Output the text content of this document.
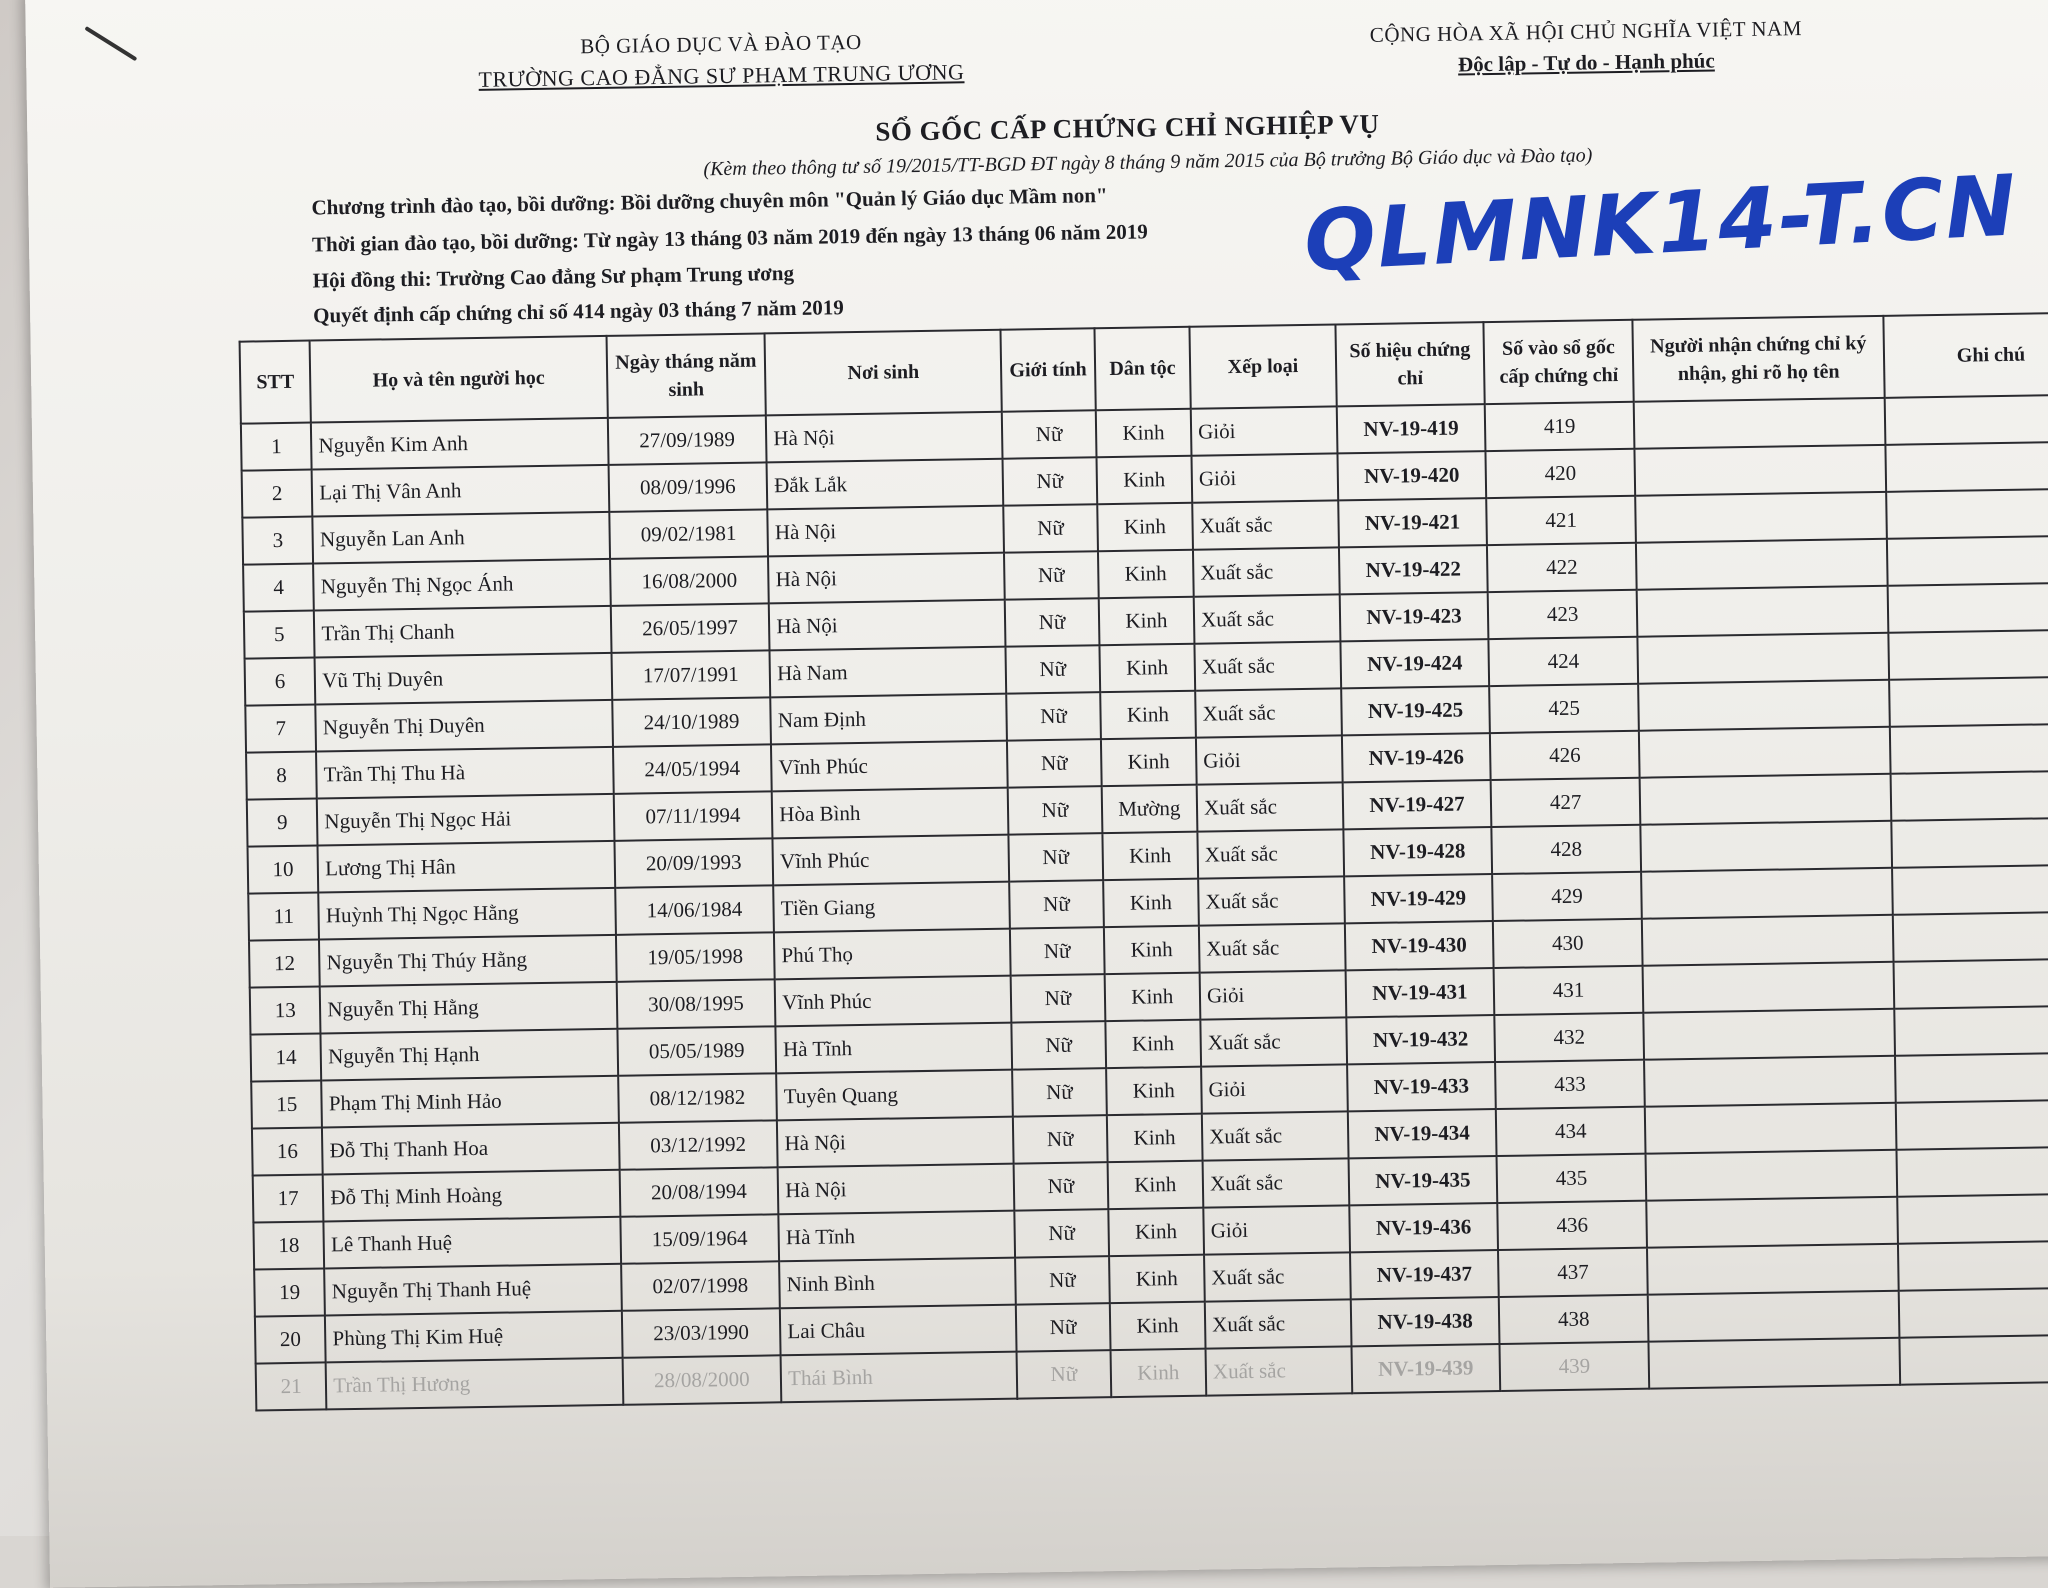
BỘ GIÁO DỤC VÀ ĐÀO TẠO
TRƯỜNG CAO ĐẲNG SƯ PHẠM TRUNG ƯƠNG
CỘNG HÒA XÃ HỘI CHỦ NGHĨA VIỆT NAM
Độc lập - Tự do - Hạnh phúc
SỔ GỐC CẤP CHỨNG CHỈ NGHIỆP VỤ
(Kèm theo thông tư số 19/2015/TT-BGD ĐT ngày 8 tháng 9 năm 2015 của Bộ trưởng Bộ Giáo dục và Đào tạo)
Chương trình đào tạo, bồi dưỡng: Bồi dưỡng chuyên môn "Quản lý Giáo dục Mầm non"
Thời gian đào tạo, bồi dưỡng: Từ ngày 13 tháng 03 năm 2019 đến ngày 13 tháng 06 năm 2019
Hội đồng thi: Trường Cao đẳng Sư phạm Trung ương
Quyết định cấp chứng chỉ số 414 ngày 03 tháng 7 năm 2019
QLMNK14-T.CN
STT	Họ và tên người học	Ngày tháng năm sinh	Nơi sinh	Giới tính	Dân tộc	Xếp loại	Số hiệu chứng chỉ	Số vào sổ gốc cấp chứng chỉ	Người nhận chứng chỉ ký nhận, ghi rõ họ tên	Ghi chú
1	Nguyễn Kim Anh	27/09/1989	Hà Nội	Nữ	Kinh	Giỏi	NV-19-419	419		
2	Lại Thị Vân Anh	08/09/1996	Đắk Lắk	Nữ	Kinh	Giỏi	NV-19-420	420		
3	Nguyễn Lan Anh	09/02/1981	Hà Nội	Nữ	Kinh	Xuất sắc	NV-19-421	421		
4	Nguyễn Thị Ngọc Ánh	16/08/2000	Hà Nội	Nữ	Kinh	Xuất sắc	NV-19-422	422		
5	Trần Thị Chanh	26/05/1997	Hà Nội	Nữ	Kinh	Xuất sắc	NV-19-423	423		
6	Vũ Thị Duyên	17/07/1991	Hà Nam	Nữ	Kinh	Xuất sắc	NV-19-424	424		
7	Nguyễn Thị Duyên	24/10/1989	Nam Định	Nữ	Kinh	Xuất sắc	NV-19-425	425		
8	Trần Thị Thu Hà	24/05/1994	Vĩnh Phúc	Nữ	Kinh	Giỏi	NV-19-426	426		
9	Nguyễn Thị Ngọc Hải	07/11/1994	Hòa Bình	Nữ	Mường	Xuất sắc	NV-19-427	427		
10	Lương Thị Hân	20/09/1993	Vĩnh Phúc	Nữ	Kinh	Xuất sắc	NV-19-428	428		
11	Huỳnh Thị Ngọc Hằng	14/06/1984	Tiền Giang	Nữ	Kinh	Xuất sắc	NV-19-429	429		
12	Nguyễn Thị Thúy Hằng	19/05/1998	Phú Thọ	Nữ	Kinh	Xuất sắc	NV-19-430	430		
13	Nguyễn Thị Hằng	30/08/1995	Vĩnh Phúc	Nữ	Kinh	Giỏi	NV-19-431	431		
14	Nguyễn Thị Hạnh	05/05/1989	Hà Tĩnh	Nữ	Kinh	Xuất sắc	NV-19-432	432		
15	Phạm Thị Minh Hảo	08/12/1982	Tuyên Quang	Nữ	Kinh	Giỏi	NV-19-433	433		
16	Đỗ Thị Thanh Hoa	03/12/1992	Hà Nội	Nữ	Kinh	Xuất sắc	NV-19-434	434		
17	Đỗ Thị Minh Hoàng	20/08/1994	Hà Nội	Nữ	Kinh	Xuất sắc	NV-19-435	435		
18	Lê Thanh Huệ	15/09/1964	Hà Tĩnh	Nữ	Kinh	Giỏi	NV-19-436	436		
19	Nguyễn Thị Thanh Huệ	02/07/1998	Ninh Bình	Nữ	Kinh	Xuất sắc	NV-19-437	437		
20	Phùng Thị Kim Huệ	23/03/1990	Lai Châu	Nữ	Kinh	Xuất sắc	NV-19-438	438		
21	Trần Thị Hương	28/08/2000	Thái Bình	Nữ	Kinh	Xuất sắc	NV-19-439	439		
